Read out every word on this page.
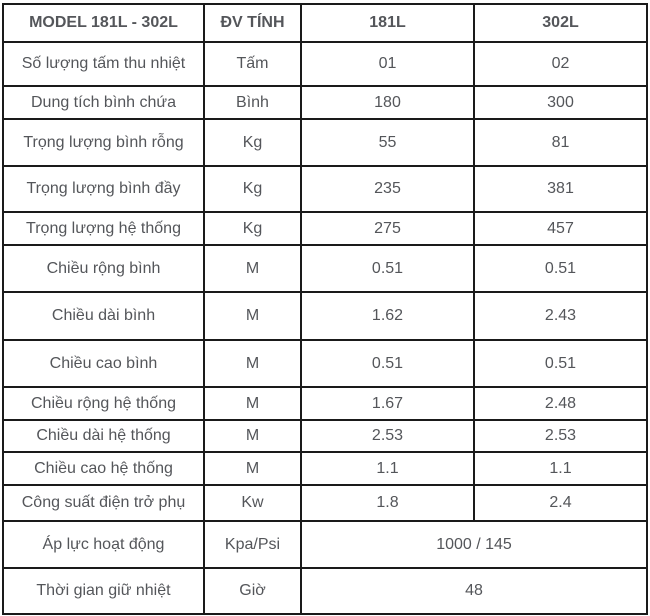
MODEL 181L - 302L	ĐV TÍNH	181L	302L
Số lượng tấm thu nhiệt	Tấm	01	02
Dung tích bình chứa	Bình	180	300
Trọng lượng bình rỗng	Kg	55	81
Trọng lượng bình đầy	Kg	235	381
Trọng lượng hệ thống	Kg	275	457
Chiều rộng bình	M	0.51	0.51
Chiều dài bình	M	1.62	2.43
Chiều cao bình	M	0.51	0.51
Chiều rộng hệ thống	M	1.67	2.48
Chiều dài hệ thống	M	2.53	2.53
Chiều cao hệ thống	M	1.1	1.1
Công suất điện trở phụ	Kw	1.8	2.4
Áp lực hoạt động	Kpa/Psi	1000 / 145	
Thời gian giữ nhiệt	Giờ	48	
